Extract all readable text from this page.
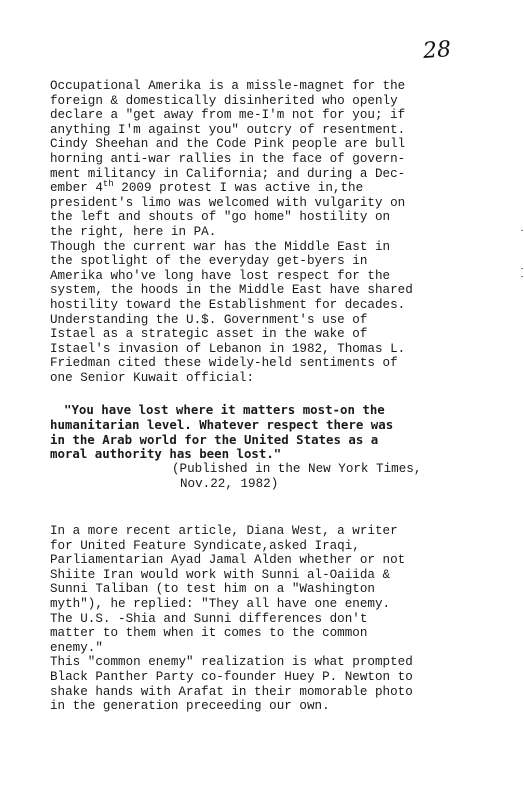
28
Occupational Amerika is a missle-magnet for the
foreign & domestically disinherited who openly
declare a "get away from me-I'm not for you; if
anything I'm against you" outcry of resentment.
Cindy Sheehan and the Code Pink people are bull
horning anti-war rallies in the face of govern-
ment militancy in California; and during a Dec-
ember 4th 2009 protest I was active in,the
president's limo was welcomed with vulgarity on
the left and shouts of "go home" hostility on
the right, here in PA.
Though the current war has the Middle East in
the spotlight of the everyday get-byers in
Amerika who've long have lost respect for the
system, the hoods in the Middle East have shared
hostility toward the Establishment for decades.
Understanding the U.$. Government's use of
Istael as a strategic asset in the wake of
Istael's invasion of Lebanon in 1982, Thomas L.
Friedman cited these widely-held sentiments of
one Senior Kuwait official:
"You have lost where it matters most-on the
humanitarian level. Whatever respect there was
in the Arab world for the United States as a
moral authority has been lost."
(Published in the New York Times,
Nov.22, 1982)
In a more recent article, Diana West, a writer
for United Feature Syndicate,asked Iraqi,
Parliamentarian Ayad Jamal Alden whether or not
Shiite Iran would work with Sunni al-Oaiida &
Sunni Taliban (to test him on a "Washington
myth"), he replied: "They all have one enemy.
The U.S. -Shia and Sunni differences don't
matter to them when it comes to the common
enemy."
This "common enemy" realization is what prompted
Black Panther Party co-founder Huey P. Newton to
shake hands with Arafat in their momorable photo
in the generation preceeding our own.
